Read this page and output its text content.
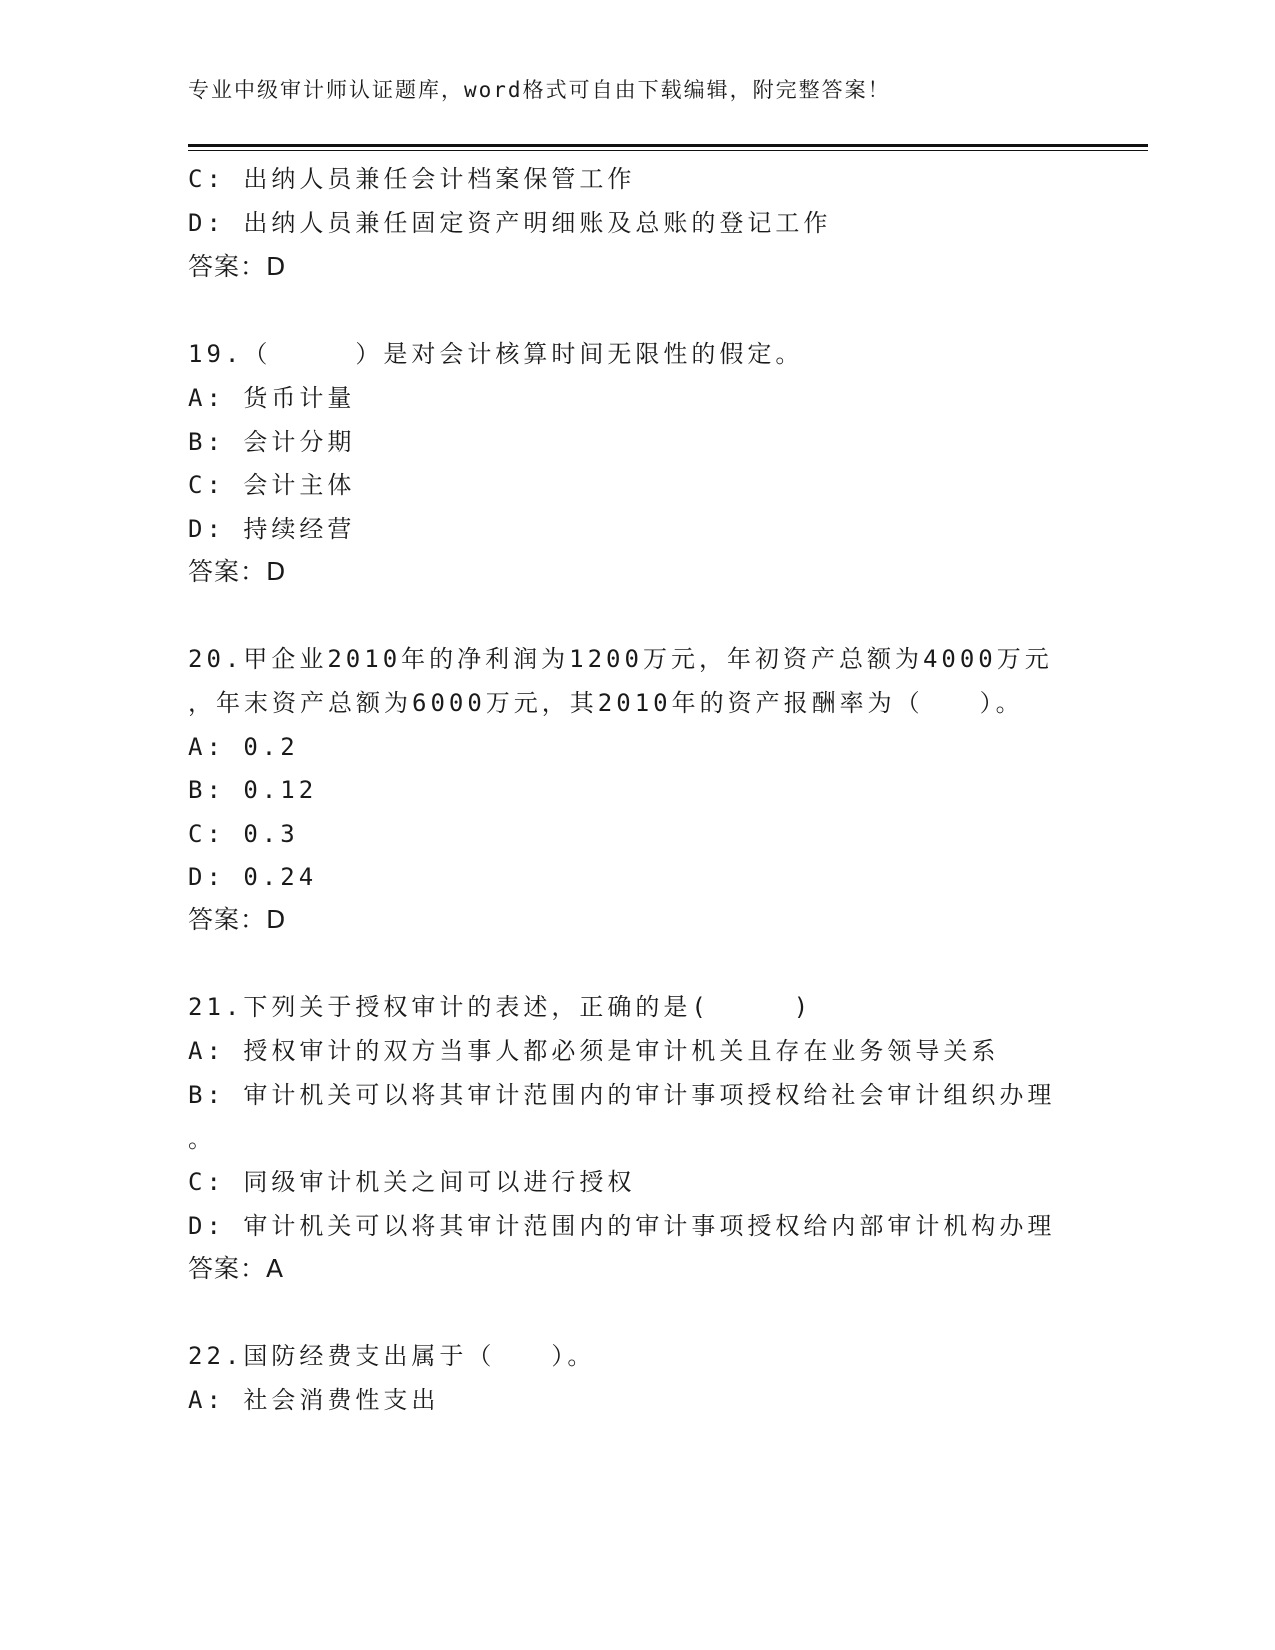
专业中级审计师认证题库，word格式可自由下载编辑，附完整答案！
C: 出纳人员兼任会计档案保管工作
D: 出纳人员兼任固定资产明细账及总账的登记工作
答案：D
19.（　　　）是对会计核算时间无限性的假定。
A: 货币计量
B: 会计分期
C: 会计主体
D: 持续经营
答案：D
20.甲企业2010年的净利润为1200万元，年初资产总额为4000万元
，年末资产总额为6000万元，其2010年的资产报酬率为（　　）。
A: 0.2
B: 0.12
C: 0.3
D: 0.24
答案：D
21.下列关于授权审计的表述，正确的是(　　　)
A: 授权审计的双方当事人都必须是审计机关且存在业务领导关系
B: 审计机关可以将其审计范围内的审计事项授权给社会审计组织办理
。
C: 同级审计机关之间可以进行授权
D: 审计机关可以将其审计范围内的审计事项授权给内部审计机构办理
答案：A
22.国防经费支出属于（　　）。
A: 社会消费性支出
